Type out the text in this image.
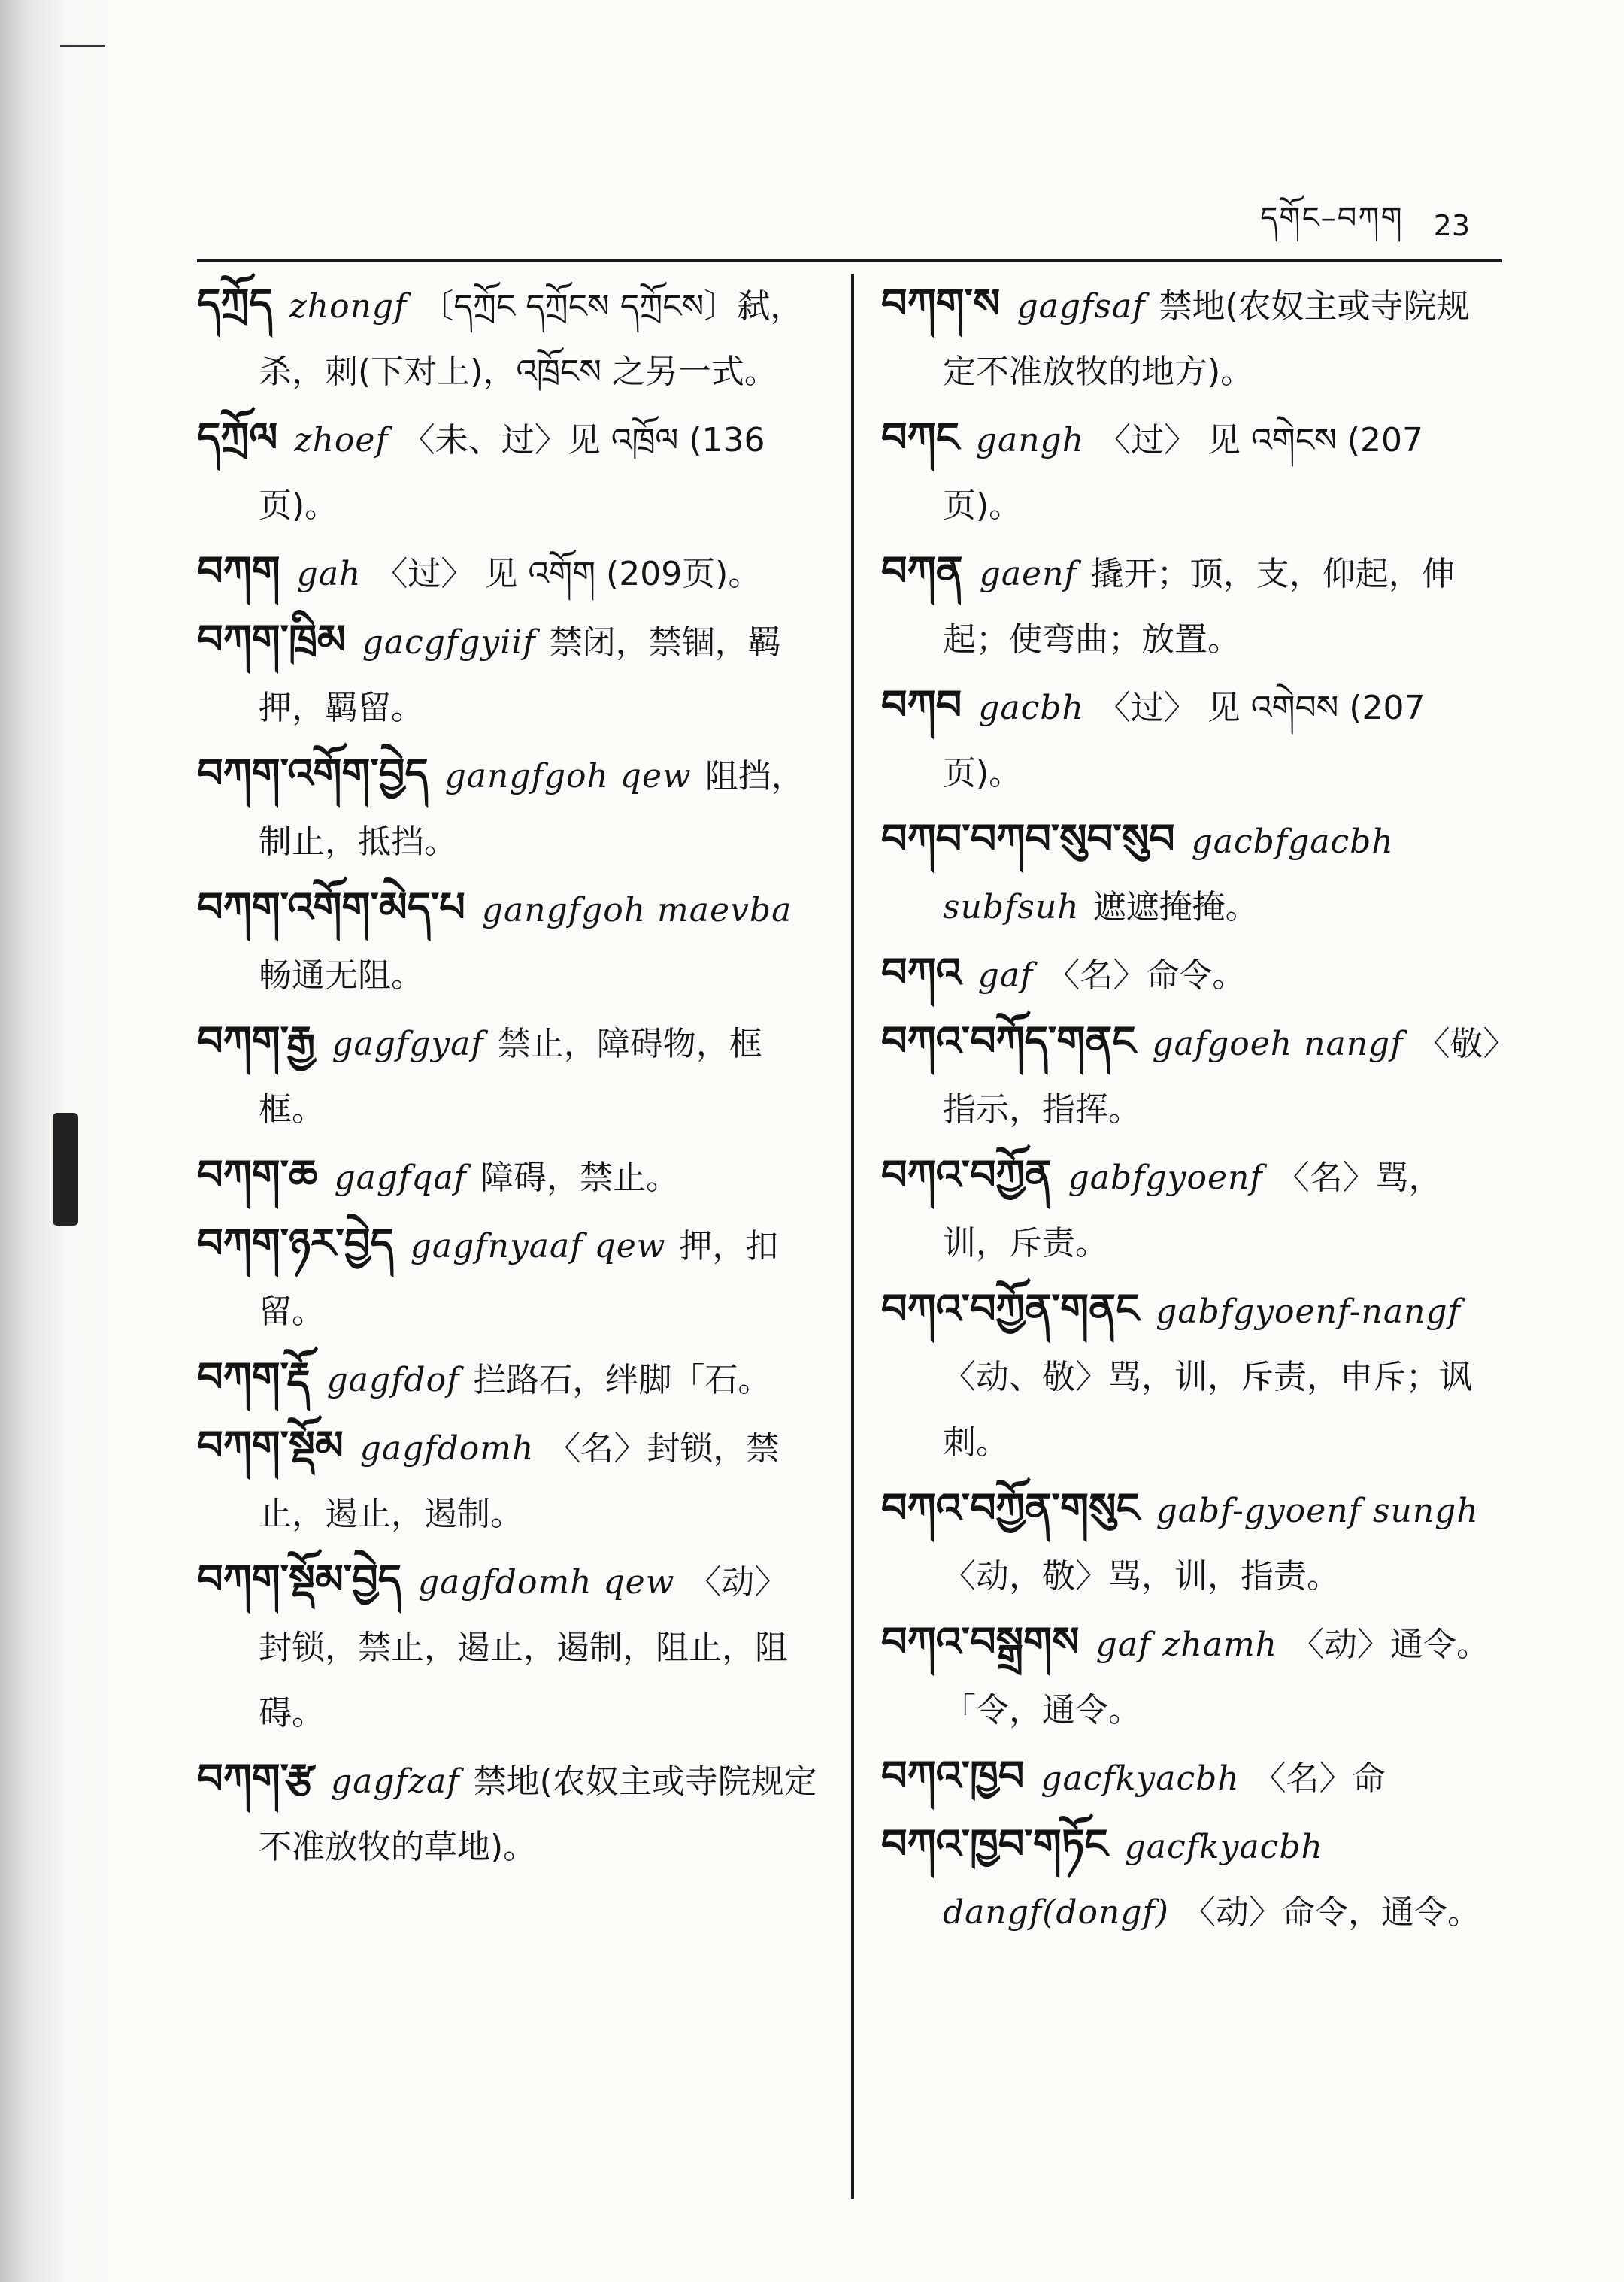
དགོང–བཀག 23

དཀྲོད zhongf 〔དཀྲོང དཀྲོངས དཀྲོངས〕弑，杀，刺(下对上)，འཁྲོངས 之另一式。

དཀྲོལ zhoef 〈未、过〉见 འཁྲོལ (136页)。

བཀག gah 〈过〉 见 འགོག (209页)。

བཀག་ཁྲིམ gacgfgyiif 禁闭，禁锢，羁押，羁留。

བཀག་འགོག་བྱེད gangfgoh qew 阻挡，制止，抵挡。

བཀག་འགོག་མེད་པ gangfgoh maevba畅通无阻。

བཀག་རྒྱ gagfgyaf 禁止，障碍物，框框。

བཀག་ཆ gagfqaf 障碍，禁止。

བཀག་ཉར་བྱེད gagfnyaaf qew 押，扣留。

བཀག་རྡོ gagfdof 拦路石，绊脚「石。

བཀག་སྡོམ gagfdomh 〈名〉封锁，禁止，遏止，遏制。

བཀག་སྡོམ་བྱེད gagfdomh qew 〈动〉 封锁，禁止，遏止，遏制，阻止，阻碍。

བཀག་རྩ gagfzaf 禁地(农奴主或寺院规定不准放牧的草地)。

བཀག་ས gagfsaf 禁地(农奴主或寺院规定不准放牧的地方)。

བཀང gangh 〈过〉 见 འགེངས (207页)。

བཀན gaenf 撬开；顶，支，仰起，伸起；使弯曲；放置。

བཀབ gacbh 〈过〉 见 འགེབས (207页)。

བཀབ་བཀབ་སུབ་སུབ gacbfgacbh subfsuh 遮遮掩掩。

བཀའ gaf 〈名〉命令。

བཀའ་བཀོད་གནང gafgoeh nangf 〈敬〉指示，指挥。

བཀའ་བཀྱོན gabfgyoenf 〈名〉骂，训，斥责。

བཀའ་བཀྱོན་གནང gabfgyoenf-nangf〈动、敬〉骂，训，斥责，申斥；讽刺。

བཀའ་བཀྱོན་གསུང gabf-gyoenf sungh〈动，敬〉骂，训，指责。

བཀའ་བསྒྲགས gaf zhamh 〈动〉通令。「令，通令。

བཀའ་ཁྱབ gacfkyacbh 〈名〉命

བཀའ་ཁྱབ་གཏོང gacfkyacbh dangf(dongf) 〈动〉命令，通令。
